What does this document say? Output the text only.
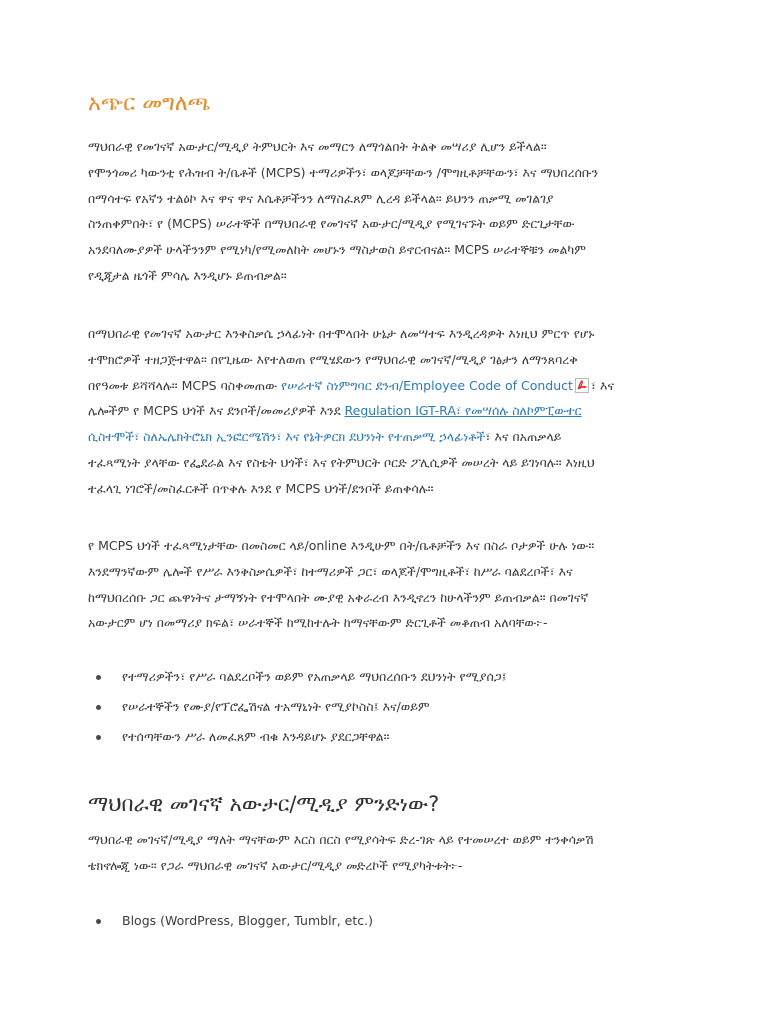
አጭር መግለጫ

ማህበራዊ የመገናኛ አውታር/ሚዲያ ትምህርት እና መማርን ለማጎልበት ትልቅ መሣሪያ ሊሆን ይችላል።
የሞንጎመሪ ካውንቲ የሕዝብ ት/ቤቶች (MCPS) ተማሪዎችን፣ ወላጆቻቸውን /ሞግዚቶቻቸውን፣ እና ማህበረሰቡን
በማሳተፍ የአኛን ተልዕኮ እና ዋና ዋና እሴቶቻችንን ለማስፈጸም ሊረዳ ይችላል። ይህንን ጠቃሚ መገልገያ
ስንጠቀምበት፣ የ (MCPS) ሠራተኞች በማህበራዊ የመገናኛ አውታር/ሚዲያ የሚገናኙት ወይም ድርጊታቸው
አንደባለሙያዎች ሁላችንንም የሚነካ/የሚመለከት መሆኑን ማስታወስ ይኖርብናል። MCPS ሠራተኞቹን መልካም
የዲጂታል ዜጎች ምሳሌ እንዲሆኑ ይጠብቃል።

በማህበራዊ የመገናኛ አውታር እንቅስቃሴ ኃላፊነት በተሞላበት ሁኔታ ለመሣተፍ እንዲረዳዎት እነዚህ ምርጥ የሆኑ
ተሞክሮዎች ተዘጋጅተዋል። በየጊዜው እየተለወጠ የሚሄደውን የማህበራዊ መገናኛ/ሚዲያ ገፅታን ለማንጸባረቅ
በየዓመቱ ይሻሻላሉ። MCPS ባስቀመጠው የሠራተኛ ስነምግባር ደንብ/Employee Code of Conduct ፣ እና
ሌሎችም የ MCPS ህጎች እና ደንቦች/መመሪያዎች እንደ Regulation IGT-RA፣ የመሣሰሉ ስለኮምፒውተር
ሲስተሞች፣ ስለኤሌክትሮኒክ ኢንፎርሜሽን፣ እና የኔትዎርክ ደህንነት የተጠቃሚ ኃላፊነቶች፣ እና በአጠቃላይ
ተፈጻሚነት ያላቸው የፌደራል እና የስቴት ህጎች፣ እና የትምህርት ቦርድ ፖሊሲዎች መሠረት ላይ ይገነባሉ። እነዚህ
ተፈላጊ ነገሮች/መስፈርቶች በጥቅሉ እንደ የ MCPS ህጎች/ደንቦች ይጠቀሳሉ።

የ MCPS ህጎች ተፈጻሚነታቸው በመስመር ላይ/online እንዲሁም በት/ቤቶቻችን እና በስራ ቦታዎች ሁሉ ነው።
እንደማንኛውም ሌሎች የሥራ እንቅስቃሴዎች፣ ከተማሪዎች ጋር፣ ወላጆች/ሞግዚቶች፣ ከሥራ ባልደረቦች፣ እና
ከማህበረሰቡ ጋር ጨዋነትና ታማኝነት የተሞላበት ሙያዊ አቀራረብ እንዲኖረን ከሁላችንም ይጠብቃል። በመገናኛ
አውታርም ሆነ በመማሪያ ክፍል፣ ሠራተኞች ከሚከተሉት ከማናቸውም ድርጊቶች መቆጠብ አለባቸው፦-

የተማሪዎችን፣ የሥራ ባልደረቦችን ወይም የአጠቃላይ ማህበረሰቡን ደህንነት የሚያሰጋ፤
የሠራተኞችን የሙያ/የፕሮፌሽናል ተአማኒነት የሚያኮስስ፤ እና/ወይም
የተሰጣቸውን ሥራ ለመፈጸም ብቁ እንዳይሆኑ ያደርጋቸዋል።
ማህበራዊ መገናኛ አውታር/ሚዲያ ምንድነው?

ማህበራዊ መገናኛ/ሚዲያ ማለት ማናቸውም እርስ በርስ የሚያሳትፍ ድረ-ገጽ ላይ የተመሠረተ ወይም ተንቀሳቃሽ
ቴክኖሎጂ ነው። የጋራ ማህበራዊ መገናኛ አውታር/ሚዲያ መድረኮች የሚያካትቱት፦-

Blogs (WordPress, Blogger, Tumblr, etc.)
